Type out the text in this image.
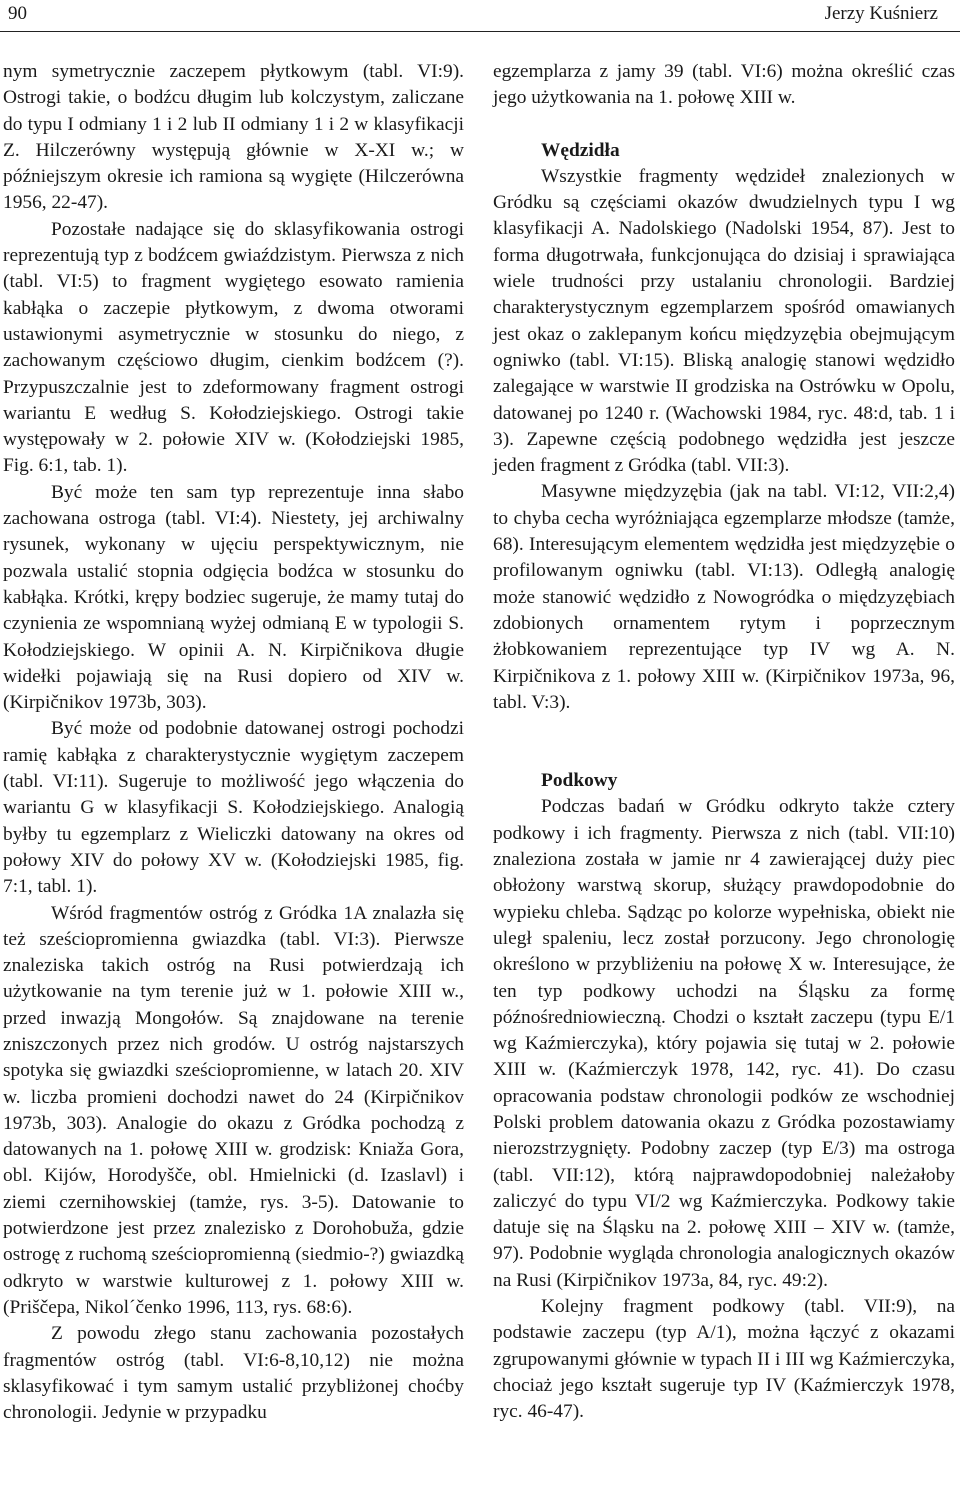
90	Jerzy Kuśnierz

nym symetrycznie zaczepem płytkowym (tabl. VI:9). Ostrogi takie, o bodźcu długim lub kolczystym, zaliczane do typu I odmiany 1 i 2 lub II odmiany 1 i 2 w klasyfikacji Z. Hilczerówny występują głównie w X-XI w.; w późniejszym okresie ich ramiona są wygięte (Hilczerówna 1956, 22-47).

Pozostałe nadające się do sklasyfikowania ostrogi reprezentują typ z bodźcem gwiaździstym. Pierwsza z nich (tabl. VI:5) to fragment wygiętego esowato ramienia kabłąka o zaczepie płytkowym, z dwoma otworami ustawionymi asymetrycznie w stosunku do niego, z zachowanym częściowo długim, cienkim bodźcem (?). Przypuszczalnie jest to zdeformowany fragment ostrogi wariantu E według S. Kołodziejskiego. Ostrogi takie występowały w 2. połowie XIV w. (Kołodziejski 1985, Fig. 6:1, tab. 1).

Być może ten sam typ reprezentuje inna słabo zachowana ostroga (tabl. VI:4). Niestety, jej archiwalny rysunek, wykonany w ujęciu perspektywicznym, nie pozwala ustalić stopnia odgięcia bodźca w stosunku do kabłąka. Krótki, krępy bodziec sugeruje, że mamy tutaj do czynienia ze wspomnianą wyżej odmianą E w typologii S. Kołodziejskiego. W opinii A. N. Kirpičnikova długie widełki pojawiają się na Rusi dopiero od XIV w. (Kirpičnikov 1973b, 303).

Być może od podobnie datowanej ostrogi pochodzi ramię kabłąka z charakterystycznie wygiętym zaczepem (tabl. VI:11). Sugeruje to możliwość jego włączenia do wariantu G w klasyfikacji S. Kołodziejskiego. Analogią byłby tu egzemplarz z Wieliczki datowany na okres od połowy XIV do połowy XV w. (Kołodziejski 1985, fig. 7:1, tabl. 1).

Wśród fragmentów ostróg z Gródka 1A znalazła się też sześciopromienna gwiazdka (tabl. VI:3). Pierwsze znaleziska takich ostróg na Rusi potwierdzają ich użytkowanie na tym terenie już w 1. połowie XIII w., przed inwazją Mongołów. Są znajdowane na terenie zniszczonych przez nich grodów. U ostróg najstarszych spotyka się gwiazdki sześciopromienne, w latach 20. XIV w. liczba promieni dochodzi nawet do 24 (Kirpičnikov 1973b, 303). Analogie do okazu z Gródka pochodzą z datowanych na 1. połowę XIII w. grodzisk: Kniaža Gora, obl. Kijów, Horodyšče, obl. Hmielnicki (d. Izaslavl) i ziemi czernihowskiej (tamże, rys. 3-5). Datowanie to potwierdzone jest przez znalezisko z Dorohobuža, gdzie ostrogę z ruchomą sześciopromienną (siedmio-?) gwiazdką odkryto w warstwie kulturowej z 1. połowy XIII w. (Priščepa, Nikol´čenko 1996, 113, rys. 68:6).

Z powodu złego stanu zachowania pozostałych fragmentów ostróg (tabl. VI:6-8,10,12) nie można sklasyfikować i tym samym ustalić przybliżonej choćby chronologii. Jedynie w przypadku

egzemplarza z jamy 39 (tabl. VI:6) można określić czas jego użytkowania na 1. połowę XIII w.

Wędzidła

Wszystkie fragmenty wędzideł znalezionych w Gródku są częściami okazów dwudzielnych typu I wg klasyfikacji A. Nadolskiego (Nadolski 1954, 87). Jest to forma długotrwała, funkcjonująca do dzisiaj i sprawiająca wiele trudności przy ustalaniu chronologii. Bardziej charakterystycznym egzemplarzem spośród omawianych jest okaz o zaklepanym końcu międzyzębia obejmującym ogniwko (tabl. VI:15). Bliską analogię stanowi wędzidło zalegające w warstwie II grodziska na Ostrówku w Opolu, datowanej po 1240 r. (Wachowski 1984, ryc. 48:d, tab. 1 i 3). Zapewne częścią podobnego wędzidła jest jeszcze jeden fragment z Gródka (tabl. VII:3).

Masywne międzyzębia (jak na tabl. VI:12, VII:2,4) to chyba cecha wyróżniająca egzemplarze młodsze (tamże, 68). Interesującym elementem wędzidła jest międzyzębie o profilowanym ogniwku (tabl. VI:13). Odległą analogię może stanowić wędzidło z Nowogródka o międzyzębiach zdobionych ornamentem rytym i poprzecznym żłobkowaniem reprezentujące typ IV wg A. N. Kirpičnikova z 1. połowy XIII w. (Kirpičnikov 1973a, 96, tabl. V:3).

Podkowy

Podczas badań w Gródku odkryto także cztery podkowy i ich fragmenty. Pierwsza z nich (tabl. VII:10) znaleziona została w jamie nr 4 zawierającej duży piec obłożony warstwą skorup, służący prawdopodobnie do wypieku chleba. Sądząc po kolorze wypełniska, obiekt nie uległ spaleniu, lecz został porzucony. Jego chronologię określono w przybliżeniu na połowę X w. Interesujące, że ten typ podkowy uchodzi na Śląsku za formę późnośredniowieczną. Chodzi o kształt zaczepu (typu E/1 wg Kaźmierczyka), który pojawia się tutaj w 2. połowie XIII w. (Kaźmierczyk 1978, 142, ryc. 41). Do czasu opracowania podstaw chronologii podków ze wschodniej Polski problem datowania okazu z Gródka pozostawiamy nierozstrzygnięty. Podobny zaczep (typ E/3) ma ostroga (tabl. VII:12), którą najprawdopodobniej należałoby zaliczyć do typu VI/2 wg Kaźmierczyka. Podkowy takie datuje się na Śląsku na 2. połowę XIII – XIV w. (tamże, 97). Podobnie wygląda chronologia analogicznych okazów na Rusi (Kirpičnikov 1973a, 84, ryc. 49:2).

Kolejny fragment podkowy (tabl. VII:9), na podstawie zaczepu (typ A/1), można łączyć z okazami zgrupowanymi głównie w typach II i III wg Kaźmierczyka, chociaż jego kształt sugeruje typ IV (Kaźmierczyk 1978, ryc. 46-47).
